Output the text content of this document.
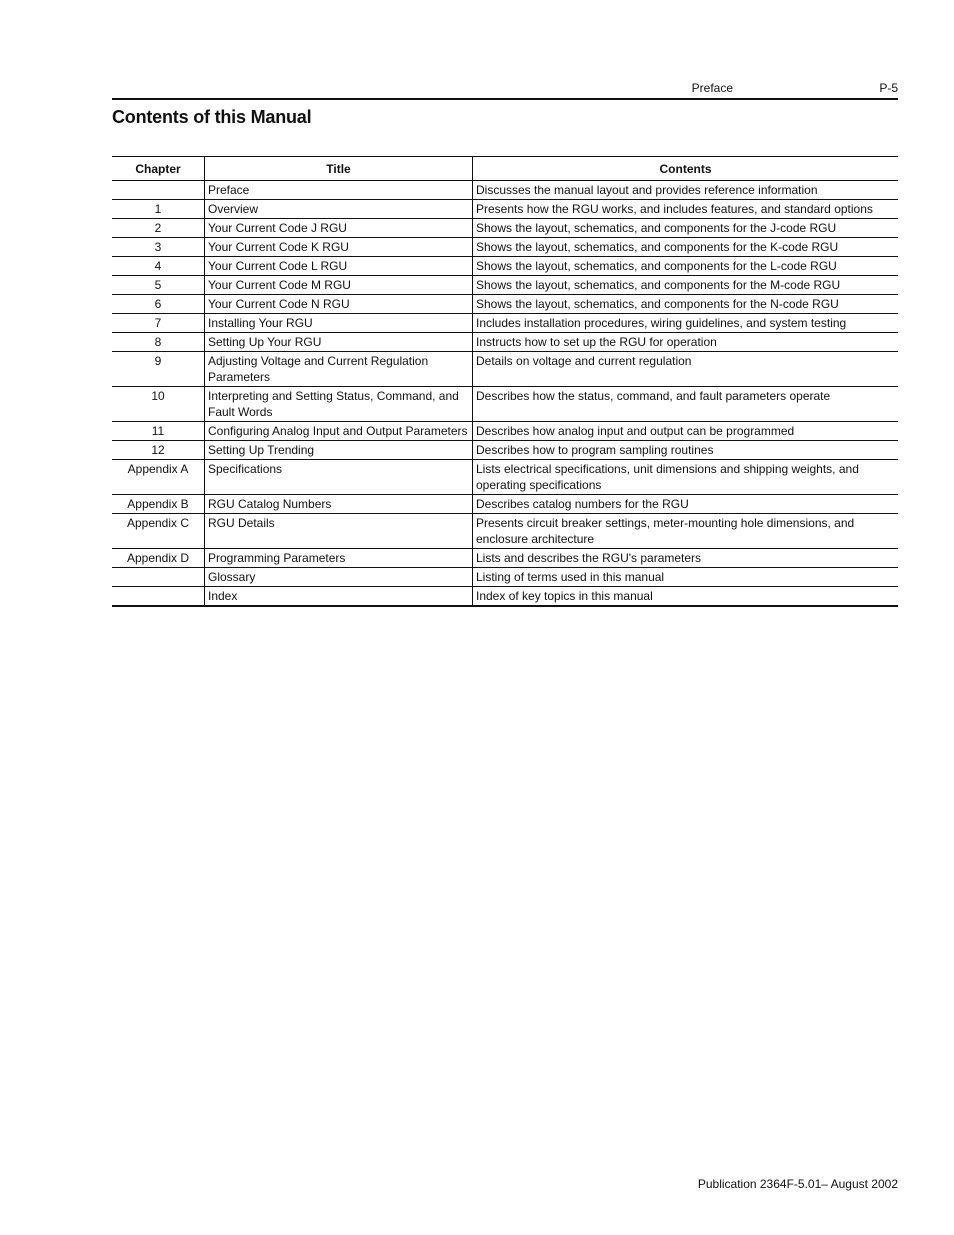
Preface	P-5
Contents of this Manual
Chapter	Title	Contents
	Preface	Discusses the manual layout and provides reference information
1	Overview	Presents how the RGU works, and includes features, and standard options
2	Your Current Code J RGU	Shows the layout, schematics, and components for the J-code RGU
3	Your Current Code K RGU	Shows the layout, schematics, and components for the K-code RGU
4	Your Current Code L RGU	Shows the layout, schematics, and components for the L-code RGU
5	Your Current Code M RGU	Shows the layout, schematics, and components for the M-code RGU
6	Your Current Code N RGU	Shows the layout, schematics, and components for the N-code RGU
7	Installing Your RGU	Includes installation procedures, wiring guidelines, and system testing
8	Setting Up Your RGU	Instructs how to set up the RGU for operation
9	Adjusting Voltage and Current Regulation Parameters	Details on voltage and current regulation
10	Interpreting and Setting Status, Command, and Fault Words	Describes how the status, command, and fault parameters operate
11	Configuring Analog Input and Output Parameters	Describes how analog input and output can be programmed
12	Setting Up Trending	Describes how to program sampling routines
Appendix A	Specifications	Lists electrical specifications, unit dimensions and shipping weights, and operating specifications
Appendix B	RGU Catalog Numbers	Describes catalog numbers for the RGU
Appendix C	RGU Details	Presents circuit breaker settings, meter-mounting hole dimensions, and enclosure architecture
Appendix D	Programming Parameters	Lists and describes the RGU's parameters
	Glossary	Listing of terms used in this manual
	Index	Index of key topics in this manual
Publication 2364F-5.01– August 2002
